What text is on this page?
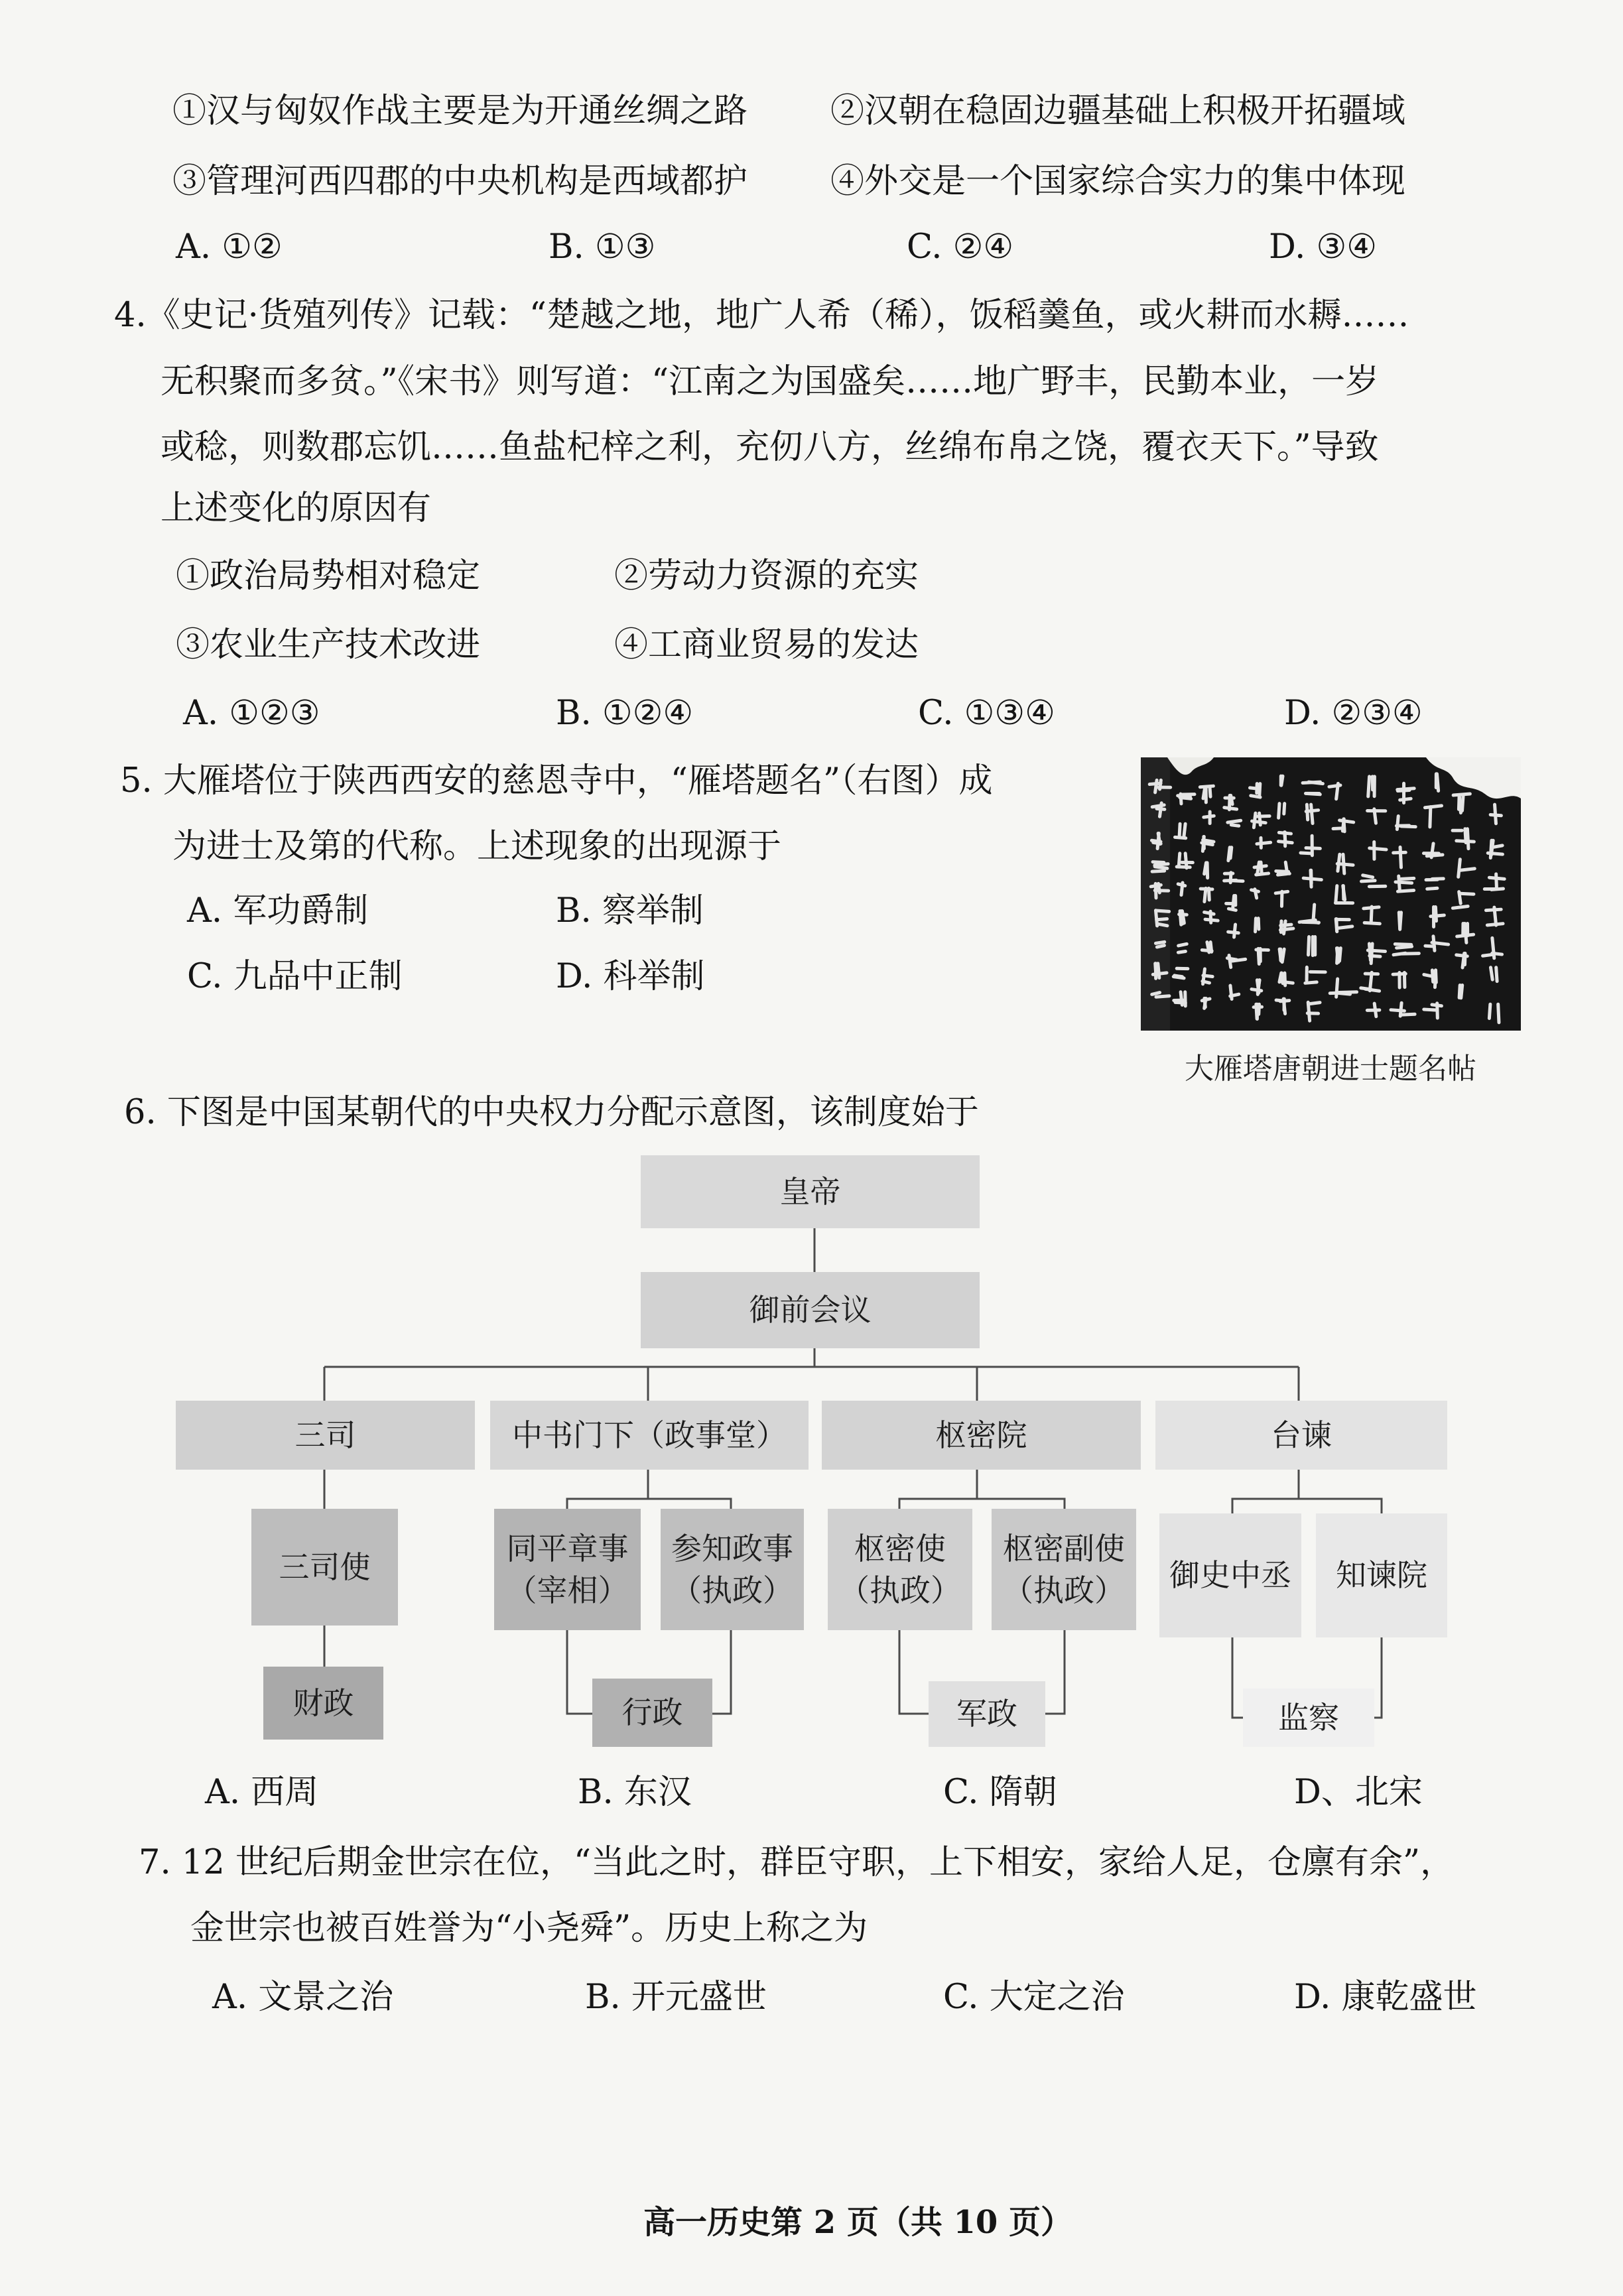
①汉与匈奴作战主要是为开通丝绸之路 ②汉朝在稳固边疆基础上积极开拓疆域
③管理河西四郡的中央机构是西域都护 ④外交是一个国家综合实力的集中体现
A. ①②	B. ①③	C. ②④	D. ③④
4.《史记·货殖列传》记载：“楚越之地，地广人希（稀），饭稻羹鱼，或火耕而水耨……
无积聚而多贫。”《宋书》则写道：“江南之为国盛矣……地广野丰，民勤本业，一岁
或稔，则数郡忘饥……鱼盐杞梓之利，充仞八方，丝绵布帛之饶，覆衣天下。”导致
上述变化的原因有
①政治局势相对稳定	②劳动力资源的充实
③农业生产技术改进	④工商业贸易的发达
A. ①②③	B. ①②④	C. ①③④	D. ②③④
5. 大雁塔位于陕西西安的慈恩寺中，“雁塔题名”（右图）成
为进士及第的代称。上述现象的出现源于
A. 军功爵制	B. 察举制
C. 九品中正制	D. 科举制
大雁塔唐朝进士题名帖
6. 下图是中国某朝代的中央权力分配示意图，该制度始于
皇帝
御前会议
三司	中书门下（政事堂）	枢密院	台谏
三司使
同平章事
（宰相）
参知政事
（执政）
枢密使
（执政）
枢密副使
（执政） 御史中丞 知谏院
财政	行政	军政	监察
A. 西周	B. 东汉	C. 隋朝	D、北宋
7. 12 世纪后期金世宗在位，“当此之时，群臣守职，上下相安，家给人足，仓廪有余”，
金世宗也被百姓誉为“小尧舜”。历史上称之为
A. 文景之治	B. 开元盛世	C. 大定之治	D. 康乾盛世
高一历史第 2 页（共 10 页）
